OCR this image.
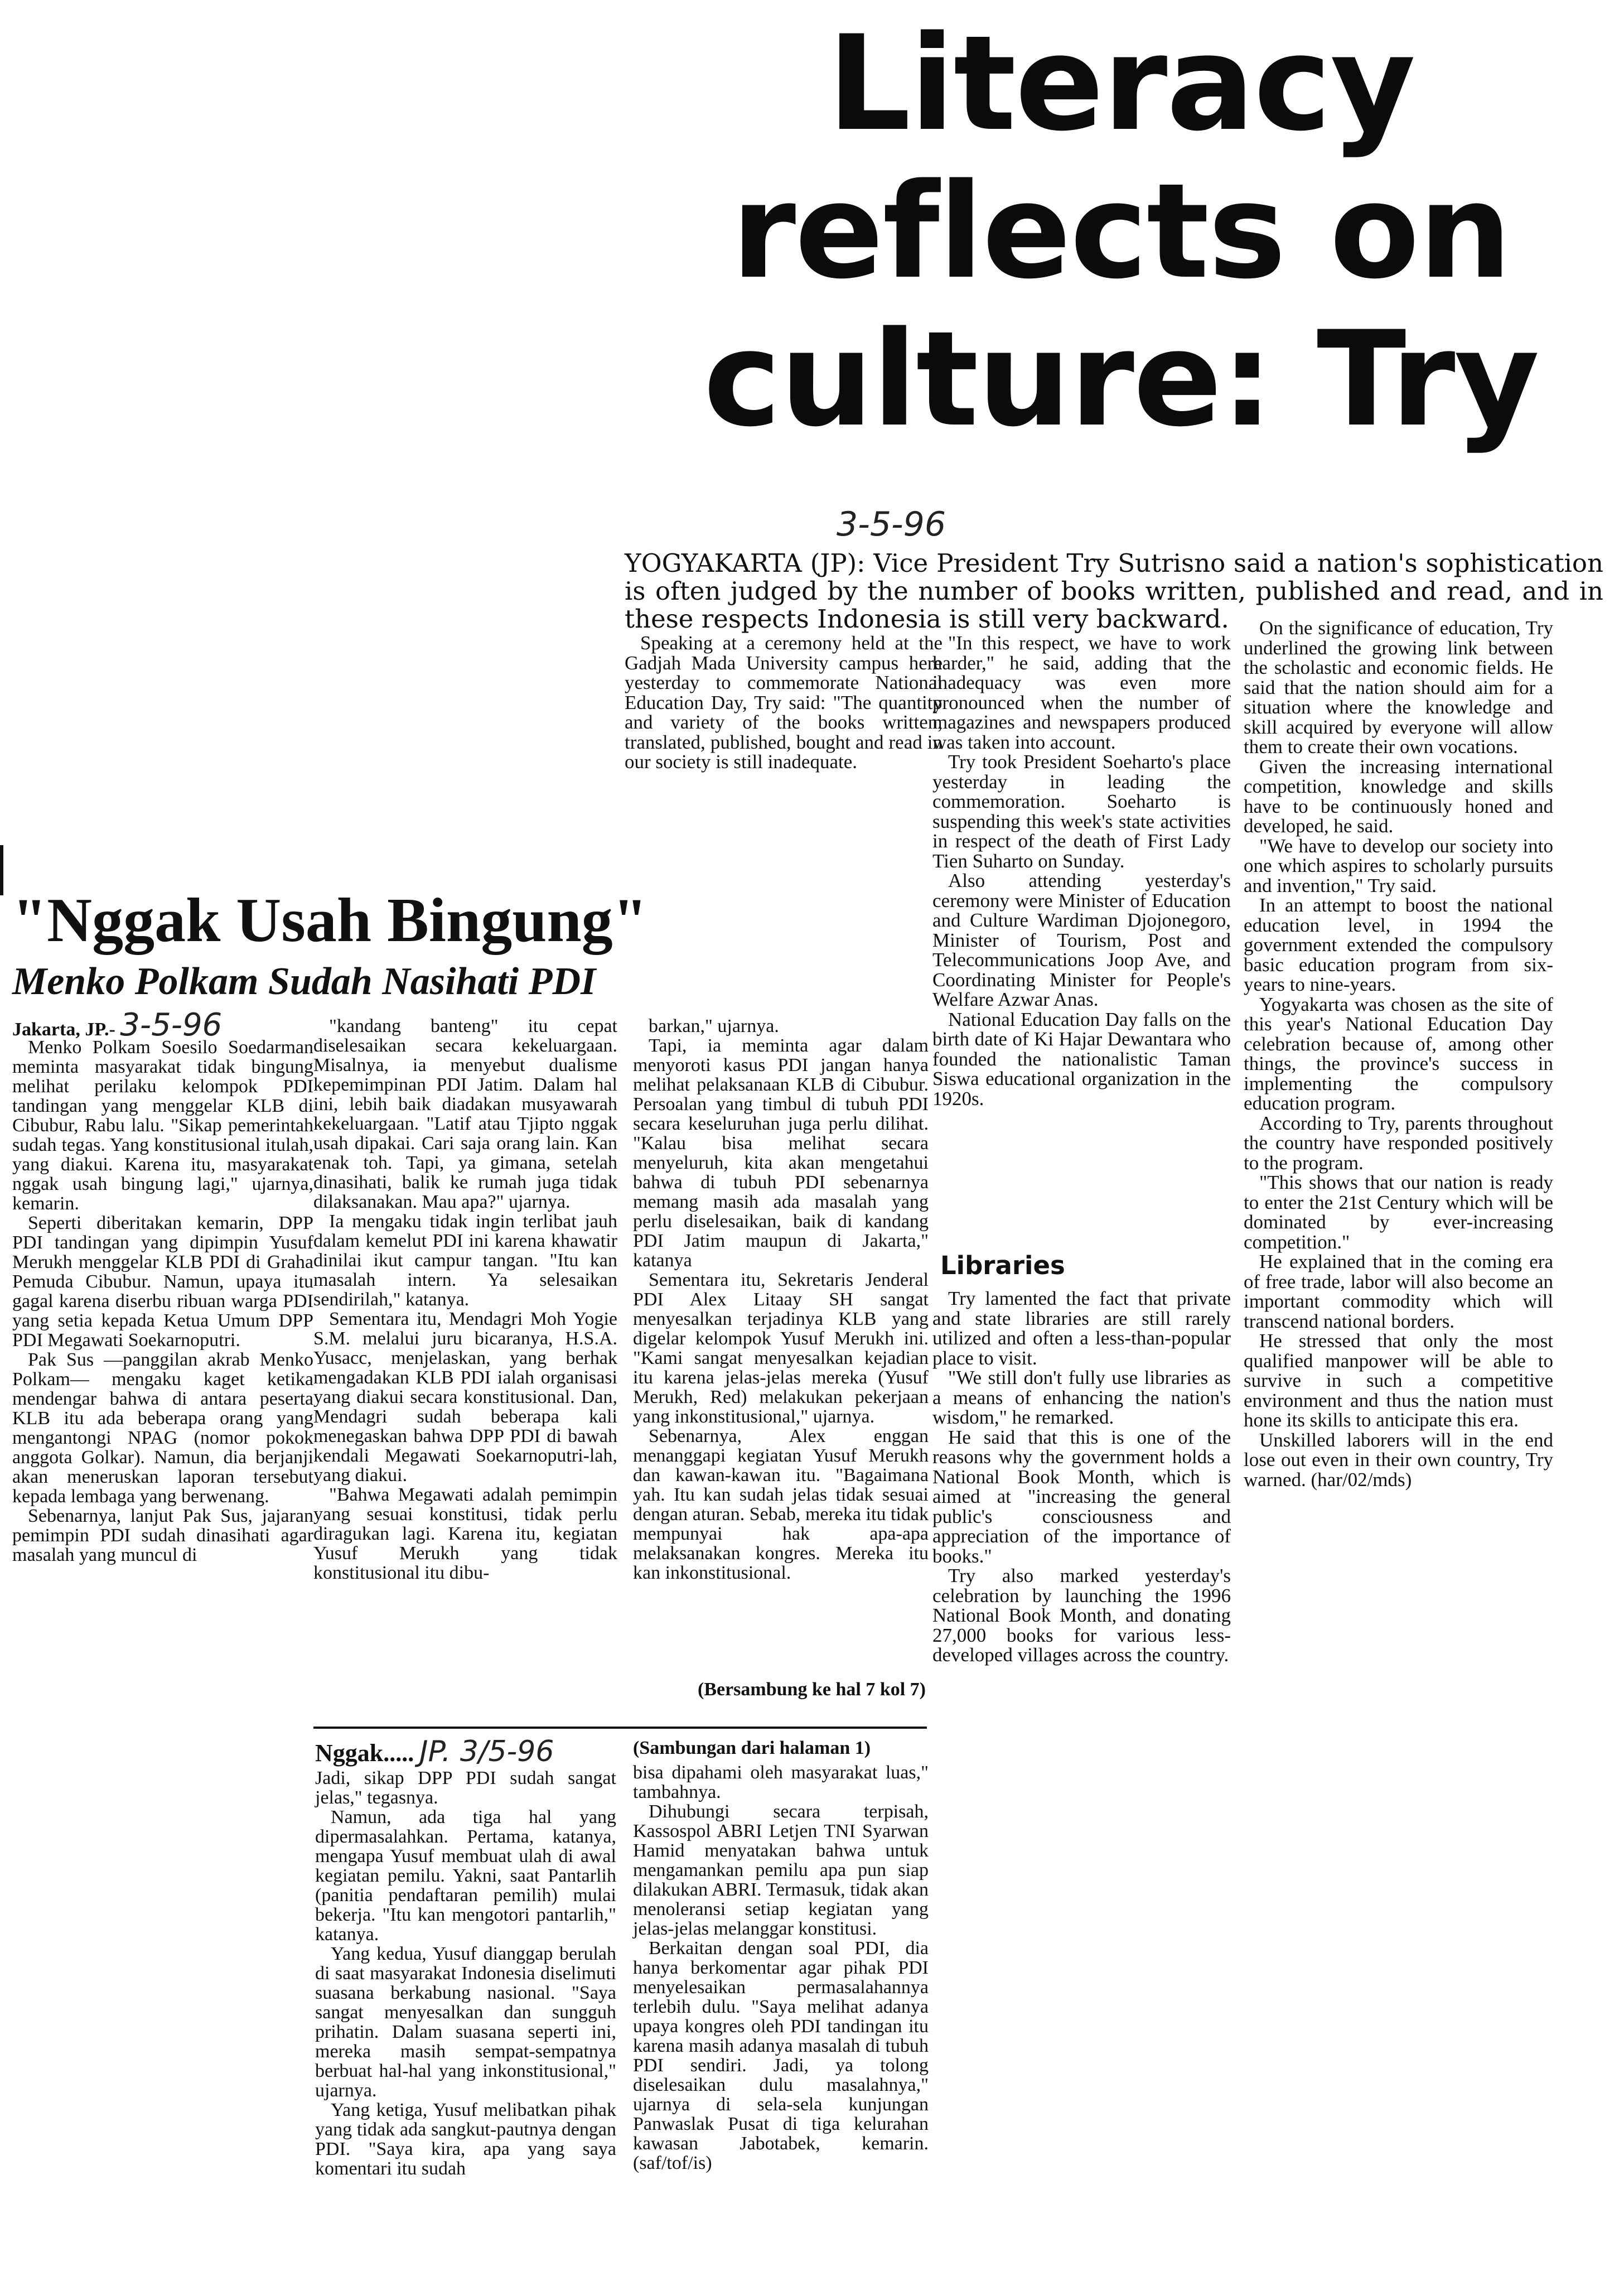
Literacy
reflects on
culture: Try
3-5-96
YOGYAKARTA (JP): Vice President Try Sutrisno said a nation's sophistication is often judged by the number of books written, published and read, and in these respects Indonesia is still very backward.

Speaking at a ceremony held at the Gadjah Mada University campus here yesterday to commemorate National Education Day, Try said: "The quantity and variety of the books written, translated, published, bought and read in our society is still inadequate.

"In this respect, we have to work harder," he said, adding that the inadequacy was even more pronounced when the number of magazines and newspapers produced was taken into account.

Try took President Soeharto's place yesterday in leading the commemoration. Soeharto is suspending this week's state activities in respect of the death of First Lady Tien Suharto on Sunday.

Also attending yesterday's ceremony were Minister of Education and Culture Wardiman Djojonegoro, Minister of Tourism, Post and Telecommunications Joop Ave, and Coordinating Minister for People's Welfare Azwar Anas.

National Education Day falls on the birth date of Ki Hajar Dewantara who founded the nationalistic Taman Siswa educational organization in the 1920s.

Libraries

Try lamented the fact that private and state libraries are still rarely utilized and often a less-than-popular place to visit.

"We still don't fully use libraries as a means of enhancing the nation's wisdom," he remarked.

He said that this is one of the reasons why the government holds a National Book Month, which is aimed at "increasing the general public's consciousness and appreciation of the importance of books."

Try also marked yesterday's celebration by launching the 1996 National Book Month, and donating 27,000 books for various less-developed villages across the country.

On the significance of education, Try underlined the growing link between the scholastic and economic fields. He said that the nation should aim for a situation where the knowledge and skill acquired by everyone will allow them to create their own vocations.

Given the increasing international competition, knowledge and skills have to be continuously honed and developed, he said.

"We have to develop our society into one which aspires to scholarly pursuits and invention," Try said.

In an attempt to boost the national education level, in 1994 the government extended the compulsory basic education program from six-years to nine-years.

Yogyakarta was chosen as the site of this year's National Education Day celebration because of, among other things, the province's success in implementing the compulsory education program.

According to Try, parents throughout the country have responded positively to the program.

"This shows that our nation is ready to enter the 21st Century which will be dominated by ever-increasing competition."

He explained that in the coming era of free trade, labor will also become an important commodity which will transcend national borders.

He stressed that only the most qualified manpower will be able to survive in such a competitive environment and thus the nation must hone its skills to anticipate this era.

Unskilled laborers will in the end lose out even in their own country, Try warned. (har/02/mds)

"Nggak Usah Bingung"
Menko Polkam Sudah Nasihati PDI
Jakarta, JP.- 3-5-96

Menko Polkam Soesilo Soedarman meminta masyarakat tidak bingung melihat perilaku kelompok PDI tandingan yang menggelar KLB di Cibubur, Rabu lalu. "Sikap pemerintah sudah tegas. Yang konstitusional itulah, yang diakui. Karena itu, masyarakat nggak usah bingung lagi," ujarnya, kemarin.

Seperti diberitakan kemarin, DPP PDI tandingan yang dipimpin Yusuf Merukh menggelar KLB PDI di Graha Pemuda Cibubur. Namun, upaya itu gagal karena diserbu ribuan warga PDI yang setia kepada Ketua Umum DPP PDI Megawati Soekarnoputri.

Pak Sus —panggilan akrab Menko Polkam— mengaku kaget ketika mendengar bahwa di antara peserta KLB itu ada beberapa orang yang mengantongi NPAG (nomor pokok anggota Golkar). Namun, dia berjanji akan meneruskan laporan tersebut kepada lembaga yang berwenang.

Sebenarnya, lanjut Pak Sus, jajaran pemimpin PDI sudah dinasihati agar masalah yang muncul di

"kandang banteng" itu cepat diselesaikan secara kekeluargaan. Misalnya, ia menyebut dualisme kepemimpinan PDI Jatim. Dalam hal ini, lebih baik diadakan musyawarah kekeluargaan. "Latif atau Tjipto nggak usah dipakai. Cari saja orang lain. Kan enak toh. Tapi, ya gimana, setelah dinasihati, balik ke rumah juga tidak dilaksanakan. Mau apa?" ujarnya.

Ia mengaku tidak ingin terlibat jauh dalam kemelut PDI ini karena khawatir dinilai ikut campur tangan. "Itu kan masalah intern. Ya selesaikan sendirilah," katanya.

Sementara itu, Mendagri Moh Yogie S.M. melalui juru bicaranya, H.S.A. Yusacc, menjelaskan, yang berhak mengadakan KLB PDI ialah organisasi yang diakui secara konstitusional. Dan, Mendagri sudah beberapa kali menegaskan bahwa DPP PDI di bawah kendali Megawati Soekarnoputri-lah, yang diakui.

"Bahwa Megawati adalah pemimpin yang sesuai konstitusi, tidak perlu diragukan lagi. Karena itu, kegiatan Yusuf Merukh yang tidak konstitusional itu dibu-

barkan," ujarnya.

Tapi, ia meminta agar dalam menyoroti kasus PDI jangan hanya melihat pelaksanaan KLB di Cibubur. Persoalan yang timbul di tubuh PDI secara keseluruhan juga perlu dilihat. "Kalau bisa melihat secara menyeluruh, kita akan mengetahui bahwa di tubuh PDI sebenarnya memang masih ada masalah yang perlu diselesaikan, baik di kandang PDI Jatim maupun di Jakarta," katanya

Sementara itu, Sekretaris Jenderal PDI Alex Litaay SH sangat menyesalkan terjadinya KLB yang digelar kelompok Yusuf Merukh ini. "Kami sangat menyesalkan kejadian itu karena jelas-jelas mereka (Yusuf Merukh, Red) melakukan pekerjaan yang inkonstitusional," ujarnya.

Sebenarnya, Alex enggan menanggapi kegiatan Yusuf Merukh dan kawan-kawan itu. "Bagaimana yah. Itu kan sudah jelas tidak sesuai dengan aturan. Sebab, mereka itu tidak mempunyai hak apa-apa melaksanakan kongres. Mereka itu kan inkonstitusional.

(Bersambung ke hal 7 kol 7)
Nggak..... JP. 3/5-96	(Sambungan dari halaman 1)

Jadi, sikap DPP PDI sudah sangat jelas," tegasnya.

Namun, ada tiga hal yang dipermasalahkan. Pertama, katanya, mengapa Yusuf membuat ulah di awal kegiatan pemilu. Yakni, saat Pantarlih (panitia pendaftaran pemilih) mulai bekerja. "Itu kan mengotori pantarlih," katanya.

Yang kedua, Yusuf dianggap berulah di saat masyarakat Indonesia diselimuti suasana berkabung nasional. "Saya sangat menyesalkan dan sungguh prihatin. Dalam suasana seperti ini, mereka masih sempat-sempatnya berbuat hal-hal yang inkonstitusional," ujarnya.

Yang ketiga, Yusuf melibatkan pihak yang tidak ada sangkut-pautnya dengan PDI. "Saya kira, apa yang saya komentari itu sudah

bisa dipahami oleh masyarakat luas," tambahnya.

Dihubungi secara terpisah, Kassospol ABRI Letjen TNI Syarwan Hamid menyatakan bahwa untuk mengamankan pemilu apa pun siap dilakukan ABRI. Termasuk, tidak akan menoleransi setiap kegiatan yang jelas-jelas melanggar konstitusi.

Berkaitan dengan soal PDI, dia hanya berkomentar agar pihak PDI menyelesaikan permasalahannya terlebih dulu. "Saya melihat adanya upaya kongres oleh PDI tandingan itu karena masih adanya masalah di tubuh PDI sendiri. Jadi, ya tolong diselesaikan dulu masalahnya," ujarnya di sela-sela kunjungan Panwaslak Pusat di tiga kelurahan kawasan Jabotabek, kemarin. (saf/tof/is)
